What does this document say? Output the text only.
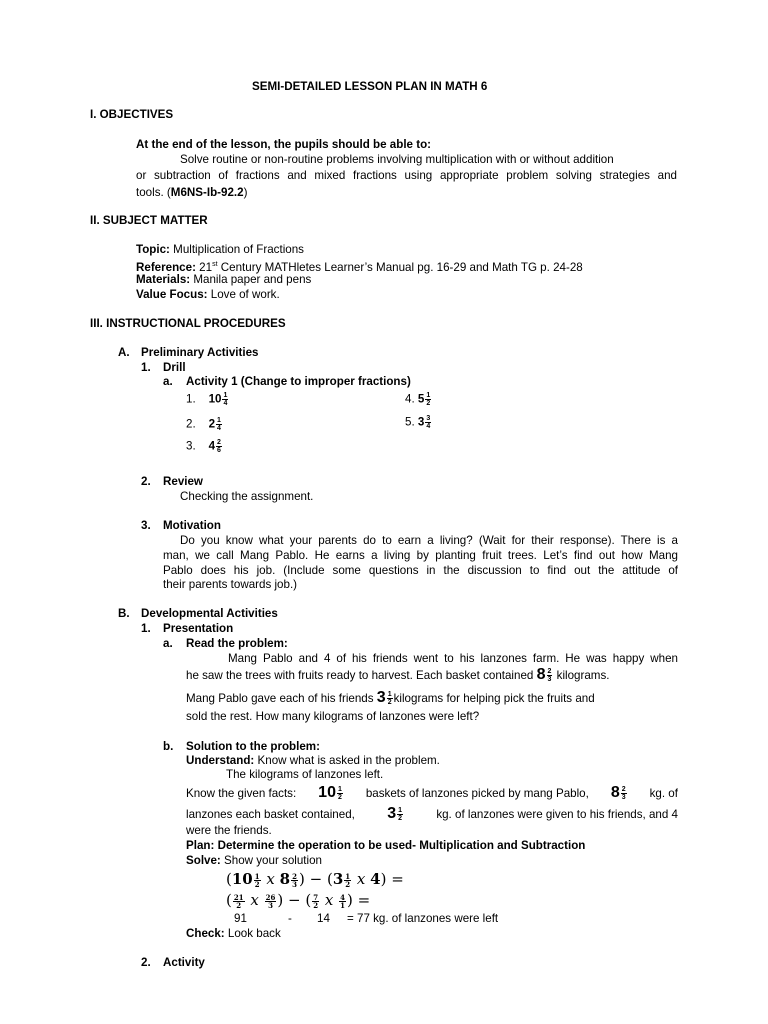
SEMI-DETAILED LESSON PLAN IN MATH 6
I. OBJECTIVES
At the end of the lesson, the pupils should be able to:
Solve routine or non-routine problems involving multiplication with or without addition
or subtraction of fractions and mixed fractions using appropriate problem solving strategies and
tools. (M6NS-Ib-92.2)
II. SUBJECT MATTER
Topic: Multiplication of Fractions
Reference: 21st Century MATHletes Learner’s Manual pg. 16-29 and Math TG p. 24-28
Materials: Manila paper and pens
Value Focus: Love of work.
III. INSTRUCTIONAL PROCEDURES
A. Preliminary Activities
1. Drill
a. Activity 1 (Change to improper fractions)
1. $10 \frac{1}{4}$
2. $2 \frac{1}{4}$
3. $4 \frac{2}{6}$
4. $5 \frac{1}{2}$
5. $3 \frac{3}{4}$
2. Review
Checking the assignment.
3. Motivation
Do you know what your parents do to earn a living? (Wait for their response). There is a
man, we call Mang Pablo. He earns a living by planting fruit trees. Let’s find out how Mang
Pablo does his job. (Include some questions in the discussion to find out the attitude of
their parents towards job.)
B. Developmental Activities
1. Presentation
a. Read the problem:
Mang Pablo and 4 of his friends went to his lanzones farm. He was happy when
he saw the trees with fruits ready to harvest. Each basket contained $8 \frac{2}{3}$ kilograms.
Mang Pablo gave each of his friends $3 \frac{1}{2}$ kilograms for helping pick the fruits and
sold the rest. How many kilograms of lanzones were left?
b. Solution to the problem:
Understand: Know what is asked in the problem.
The kilograms of lanzones left.
Know the given facts: $10 \frac{1}{2}$ baskets of lanzones picked by mang Pablo, $8 \frac{2}{3}$ kg. of
lanzones each basket contained, $3 \frac{1}{2}$	kg. of lanzones were given to his friends, and 4
were the friends.
Plan: Determine the operation to be used- Multiplication and Subtraction
Solve: Show your solution
($10 \frac{1}{2}$ x $8 \frac{2}{3}$ ) − ($3 \frac{1}{2}$ x 4) =
( $\frac{21}{2}$ x $\frac{26}{3}$ ) − ( $\frac{7}{2}$ x $\frac{4}{1}$ ) =
91	- 14 = 77 kg. of lanzones were left
Check: Look back
2. Activity
